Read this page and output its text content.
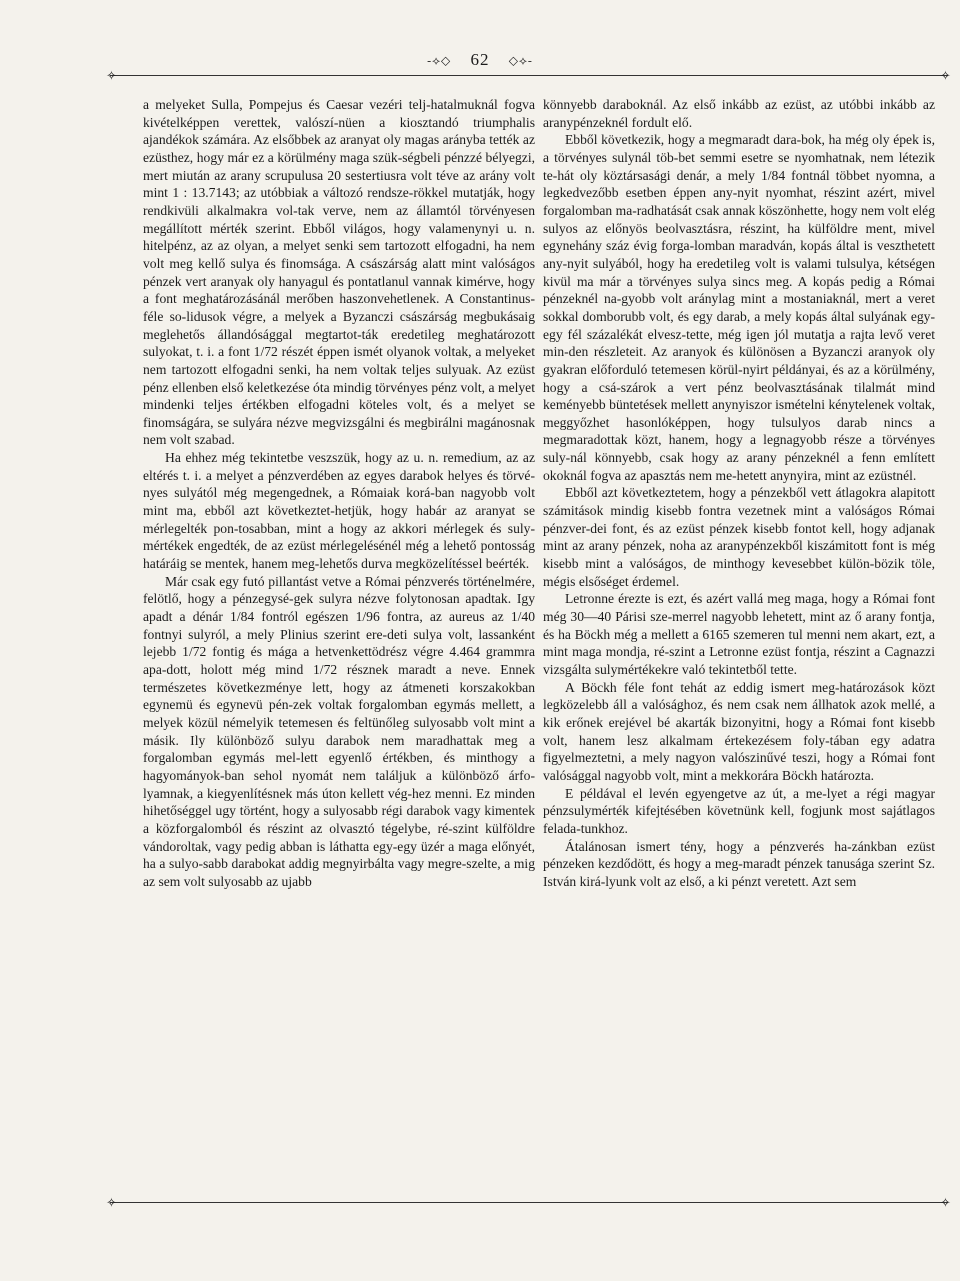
-⟡◇ 62 ◇⟡-
✧	✧
✧	✧

a melyeket Sulla, Pompejus és Caesar vezéri telj-hatalmuknál fogva kivételképpen verettek, valószí-nüen a kiosztandó triumphalis ajandékok számára. Az elsőbbek az aranyat oly magas arányba tették az ezüsthez, hogy már ez a körülmény maga szük-ségbeli pénzzé bélyegzi, mert miután az arany scrupulusa 20 sestertiusra volt téve az arány volt mint 1 : 13.7143; az utóbbiak a változó rendsze-rökkel mutatják, hogy rendkivüli alkalmakra vol-tak verve, nem az államtól törvényesen megállított mérték szerint. Ebből világos, hogy valamenynyi u. n. hitelpénz, az az olyan, a melyet senki sem tartozott elfogadni, ha nem volt meg kellő sulya és finomsága. A császárság alatt mint valóságos pénzek vert aranyak oly hanyagul és pontatlanul vannak kimérve, hogy a font meghatározásánál merőben haszonvehetlenek. A Constantinus-féle so-lidusok végre, a melyek a Byzanczi császárság megbukásaig meglehetős állandósággal megtartot-ták eredetileg meghatározott sulyokat, t. i. a font 1/72 részét éppen ismét olyanok voltak, a melyeket nem tartozott elfogadni senki, ha nem voltak teljes sulyuak. Az ezüst pénz ellenben első keletkezése óta mindig törvényes pénz volt, a melyet mindenki teljes értékben elfogadni köteles volt, és a melyet se finomságára, se sulyára nézve megvizsgálni és megbirálni magánosnak nem volt szabad.

Ha ehhez még tekintetbe veszszük, hogy az u. n. remedium, az az eltérés t. i. a melyet a pénzverdében az egyes darabok helyes és törvé-nyes sulyától még megengednek, a Rómaiak korá-ban nagyobb volt mint ma, ebből azt következtet-hetjük, hogy habár az aranyat se mérlegelték pon-tosabban, mint a hogy az akkori mérlegek és suly-mértékek engedték, de az ezüst mérlegelésénél még a lehető pontosság határáig se mentek, hanem meg-lehetős durva megközelítéssel beérték.

Már csak egy futó pillantást vetve a Római pénzverés történelmére, felötlő, hogy a pénzegysé-gek sulyra nézve folytonosan apadtak. Igy apadt a dénár 1/84 fontról egészen 1/96 fontra, az aureus az 1/40 fontnyi sulyról, a mely Plinius szerint ere-deti sulya volt, lassanként lejebb 1/72 fontig és mága a hetvenkettödrész végre 4.464 grammra apa-dott, holott még mind 1/72 résznek maradt a neve. Ennek természetes következménye lett, hogy az átmeneti korszakokban egynemü és egynevü pén-zek voltak forgalomban egymás mellett, a melyek közül némelyik tetemesen és feltünőleg sulyosabb volt mint a másik. Ily különböző sulyu darabok nem maradhattak meg a forgalomban egymás mel-lett egyenlő értékben, és minthogy a hagyományok-ban sehol nyomát nem találjuk a különböző árfo-lyamnak, a kiegyenlítésnek más úton kellett vég-hez menni. Ez minden hihetőséggel ugy történt, hogy a sulyosabb régi darabok vagy kimentek a közforgalomból és részint az olvasztó tégelybe, ré-szint külföldre vándoroltak, vagy pedig abban is láthatta egy-egy üzér a maga előnyét, ha a sulyo-sabb darabokat addig megnyirbálta vagy megre-szelte, a mig az sem volt sulyosabb az ujabb

könnyebb daraboknál. Az első inkább az ezüst, az utóbbi inkább az aranypénzeknél fordult elő.

Ebből következik, hogy a megmaradt dara-bok, ha még oly épek is, a törvényes sulynál töb-bet semmi esetre se nyomhatnak, nem létezik te-hát oly köztársasági denár, a mely 1/84 fontnál többet nyomna, a legkedvezőbb esetben éppen any-nyit nyomhat, részint azért, mivel forgalomban ma-radhatását csak annak köszönhette, hogy nem volt elég sulyos az előnyös beolvasztásra, részint, ha külföldre ment, mivel egynehány száz évig forga-lomban maradván, kopás által is veszthetett any-nyit sulyából, hogy ha eredetileg volt is valami tulsulya, kétségen kivül ma már a törvényes sulya sincs meg. A kopás pedig a Római pénzeknél na-gyobb volt aránylag mint a mostaniaknál, mert a veret sokkal domborubb volt, és egy darab, a mely kopás által sulyának egy-egy fél százalékát elvesz-tette, még igen jól mutatja a rajta levő veret min-den részleteit. Az aranyok és különösen a Byzanczi aranyok oly gyakran előforduló tetemesen körül-nyirt példányai, és az a körülmény, hogy a csá-szárok a vert pénz beolvasztásának tilalmát mind keményebb büntetések mellett anynyiszor ismételni kénytelenek voltak, meggyőzhet hasonlóképpen, hogy tulsulyos darab nincs a megmaradottak közt, hanem, hogy a legnagyobb része a törvényes suly-nál könnyebb, csak hogy az arany pénzeknél a fenn említett okoknál fogva az apasztás nem me-hetett anynyira, mint az ezüstnél.

Ebből azt következtetem, hogy a pénzekből vett átlagokra alapitott számitások mindig kisebb fontra vezetnek mint a valóságos Római pénzver-dei font, és az ezüst pénzek kisebb fontot kell, hogy adjanak mint az arany pénzek, noha az aranypénzekből kiszámitott font is még kisebb mint a valóságos, de minthogy kevesebbet külön-bözik töle, mégis elsőséget érdemel.

Letronne érezte is ezt, és azért vallá meg maga, hogy a Római font még 30—40 Párisi sze-merrel nagyobb lehetett, mint az ő arany fontja, és ha Böckh még a mellett a 6165 szemeren tul menni nem akart, ezt, a mint maga mondja, ré-szint a Letronne ezüst fontja, részint a Cagnazzi vizsgálta sulymértékekre való tekintetből tette.

A Böckh féle font tehát az eddig ismert meg-határozások közt legközelebb áll a valósághoz, és nem csak nem állhatok azok mellé, a kik erőnek erejével bé akarták bizonyitni, hogy a Római font kisebb volt, hanem lesz alkalmam értekezésem foly-tában egy adatra figyelmeztetni, a mely nagyon valószinűvé teszi, hogy a Római font valósággal nagyobb volt, mint a mekkorára Böckh határozta.

E példával el levén egyengetve az út, a me-lyet a régi magyar pénzsulymérték kifejtésében követnünk kell, fogjunk most sajátlagos felada-tunkhoz.

Átalánosan ismert tény, hogy a pénzverés ha-zánkban ezüst pénzeken kezdődött, és hogy a meg-maradt pénzek tanusága szerint Sz. István kirá-lyunk volt az első, a ki pénzt veretett. Azt sem
